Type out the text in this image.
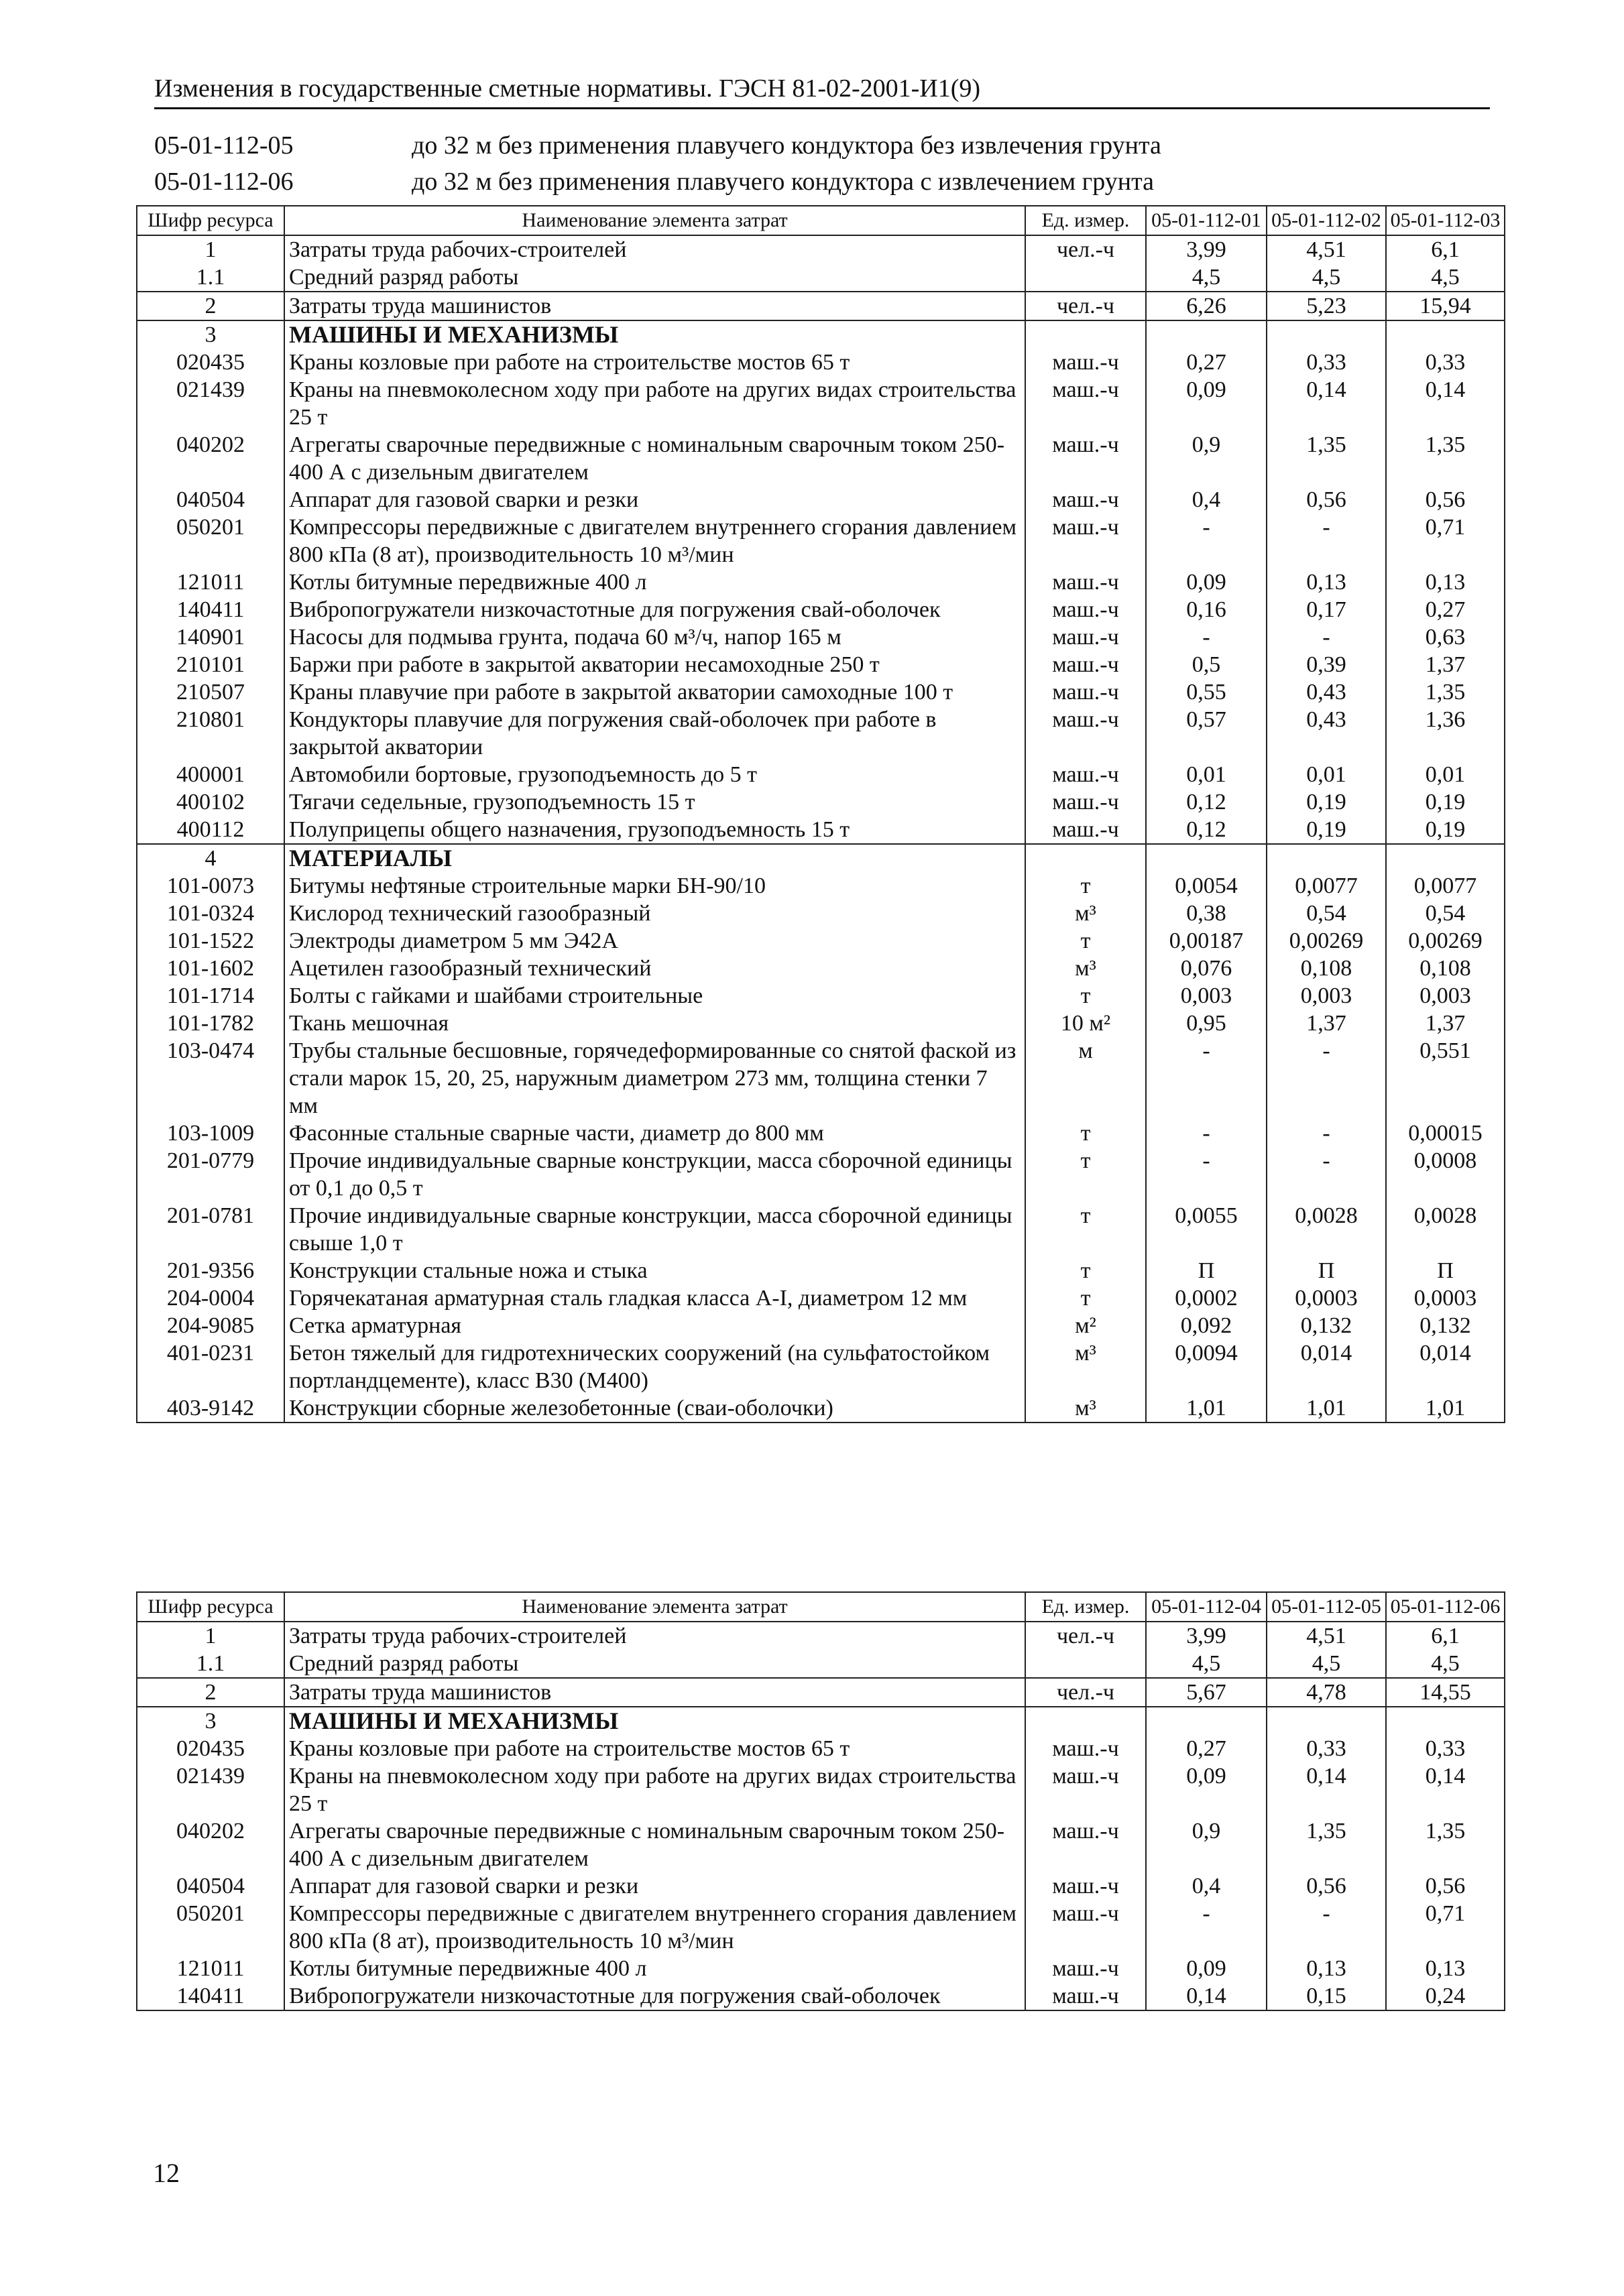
Изменения в государственные сметные нормативы. ГЭСН 81-02-2001-И1(9)
05-01-112-05	до 32 м без применения плавучего кондуктора без извлечения грунта
05-01-112-06	до 32 м без применения плавучего кондуктора с извлечением грунта
Шифр ресурса	Наименование элемента затрат	Ед. измер.	05-01-112-01	05-01-112-02	05-01-112-03
1	Затраты труда рабочих-строителей	чел.-ч	3,99	4,51	6,1
1.1	Средний разряд работы		4,5	4,5	4,5
2	Затраты труда машинистов	чел.-ч	6,26	5,23	15,94
3	МАШИНЫ И МЕХАНИЗМЫ				
020435	Краны козловые при работе на строительстве мостов 65 т	маш.-ч	0,27	0,33	0,33
021439	Краны на пневмоколесном ходу при работе на других видах строительства 25 т	маш.-ч	0,09	0,14	0,14
040202	Агрегаты сварочные передвижные с номинальным сварочным током 250-400 А с дизельным двигателем	маш.-ч	0,9	1,35	1,35
040504	Аппарат для газовой сварки и резки	маш.-ч	0,4	0,56	0,56
050201	Компрессоры передвижные с двигателем внутреннего сгорания давлением 800 кПа (8 ат), производительность 10 м³/мин	маш.-ч	-	-	0,71
121011	Котлы битумные передвижные 400 л	маш.-ч	0,09	0,13	0,13
140411	Вибропогружатели низкочастотные для погружения свай-оболочек	маш.-ч	0,16	0,17	0,27
140901	Насосы для подмыва грунта, подача 60 м³/ч, напор 165 м	маш.-ч	-	-	0,63
210101	Баржи при работе в закрытой акватории несамоходные 250 т	маш.-ч	0,5	0,39	1,37
210507	Краны плавучие при работе в закрытой акватории самоходные 100 т	маш.-ч	0,55	0,43	1,35
210801	Кондукторы плавучие для погружения свай-оболочек при работе в закрытой акватории	маш.-ч	0,57	0,43	1,36
400001	Автомобили бортовые, грузоподъемность до 5 т	маш.-ч	0,01	0,01	0,01
400102	Тягачи седельные, грузоподъемность 15 т	маш.-ч	0,12	0,19	0,19
400112	Полуприцепы общего назначения, грузоподъемность 15 т	маш.-ч	0,12	0,19	0,19
4	МАТЕРИАЛЫ				
101-0073	Битумы нефтяные строительные марки БН-90/10	т	0,0054	0,0077	0,0077
101-0324	Кислород технический газообразный	м³	0,38	0,54	0,54
101-1522	Электроды диаметром 5 мм Э42А	т	0,00187	0,00269	0,00269
101-1602	Ацетилен газообразный технический	м³	0,076	0,108	0,108
101-1714	Болты с гайками и шайбами строительные	т	0,003	0,003	0,003
101-1782	Ткань мешочная	10 м²	0,95	1,37	1,37
103-0474	Трубы стальные бесшовные, горячедеформированные со снятой фаской из стали марок 15, 20, 25, наружным диаметром 273 мм, толщина стенки 7 мм	м	-	-	0,551
103-1009	Фасонные стальные сварные части, диаметр до 800 мм	т	-	-	0,00015
201-0779	Прочие индивидуальные сварные конструкции, масса сборочной единицы от 0,1 до 0,5 т	т	-	-	0,0008
201-0781	Прочие индивидуальные сварные конструкции, масса сборочной единицы свыше 1,0 т	т	0,0055	0,0028	0,0028
201-9356	Конструкции стальные ножа и стыка	т	П	П	П
204-0004	Горячекатаная арматурная сталь гладкая класса А-I, диаметром 12 мм	т	0,0002	0,0003	0,0003
204-9085	Сетка арматурная	м²	0,092	0,132	0,132
401-0231	Бетон тяжелый для гидротехнических сооружений (на сульфатостойком портландцементе), класс В30 (М400)	м³	0,0094	0,014	0,014
403-9142	Конструкции сборные железобетонные (сваи-оболочки)	м³	1,01	1,01	1,01
Шифр ресурса	Наименование элемента затрат	Ед. измер.	05-01-112-04	05-01-112-05	05-01-112-06
1	Затраты труда рабочих-строителей	чел.-ч	3,99	4,51	6,1
1.1	Средний разряд работы		4,5	4,5	4,5
2	Затраты труда машинистов	чел.-ч	5,67	4,78	14,55
3	МАШИНЫ И МЕХАНИЗМЫ				
020435	Краны козловые при работе на строительстве мостов 65 т	маш.-ч	0,27	0,33	0,33
021439	Краны на пневмоколесном ходу при работе на других видах строительства 25 т	маш.-ч	0,09	0,14	0,14
040202	Агрегаты сварочные передвижные с номинальным сварочным током 250-400 А с дизельным двигателем	маш.-ч	0,9	1,35	1,35
040504	Аппарат для газовой сварки и резки	маш.-ч	0,4	0,56	0,56
050201	Компрессоры передвижные с двигателем внутреннего сгорания давлением 800 кПа (8 ат), производительность 10 м³/мин	маш.-ч	-	-	0,71
121011	Котлы битумные передвижные 400 л	маш.-ч	0,09	0,13	0,13
140411	Вибропогружатели низкочастотные для погружения свай-оболочек	маш.-ч	0,14	0,15	0,24
12
